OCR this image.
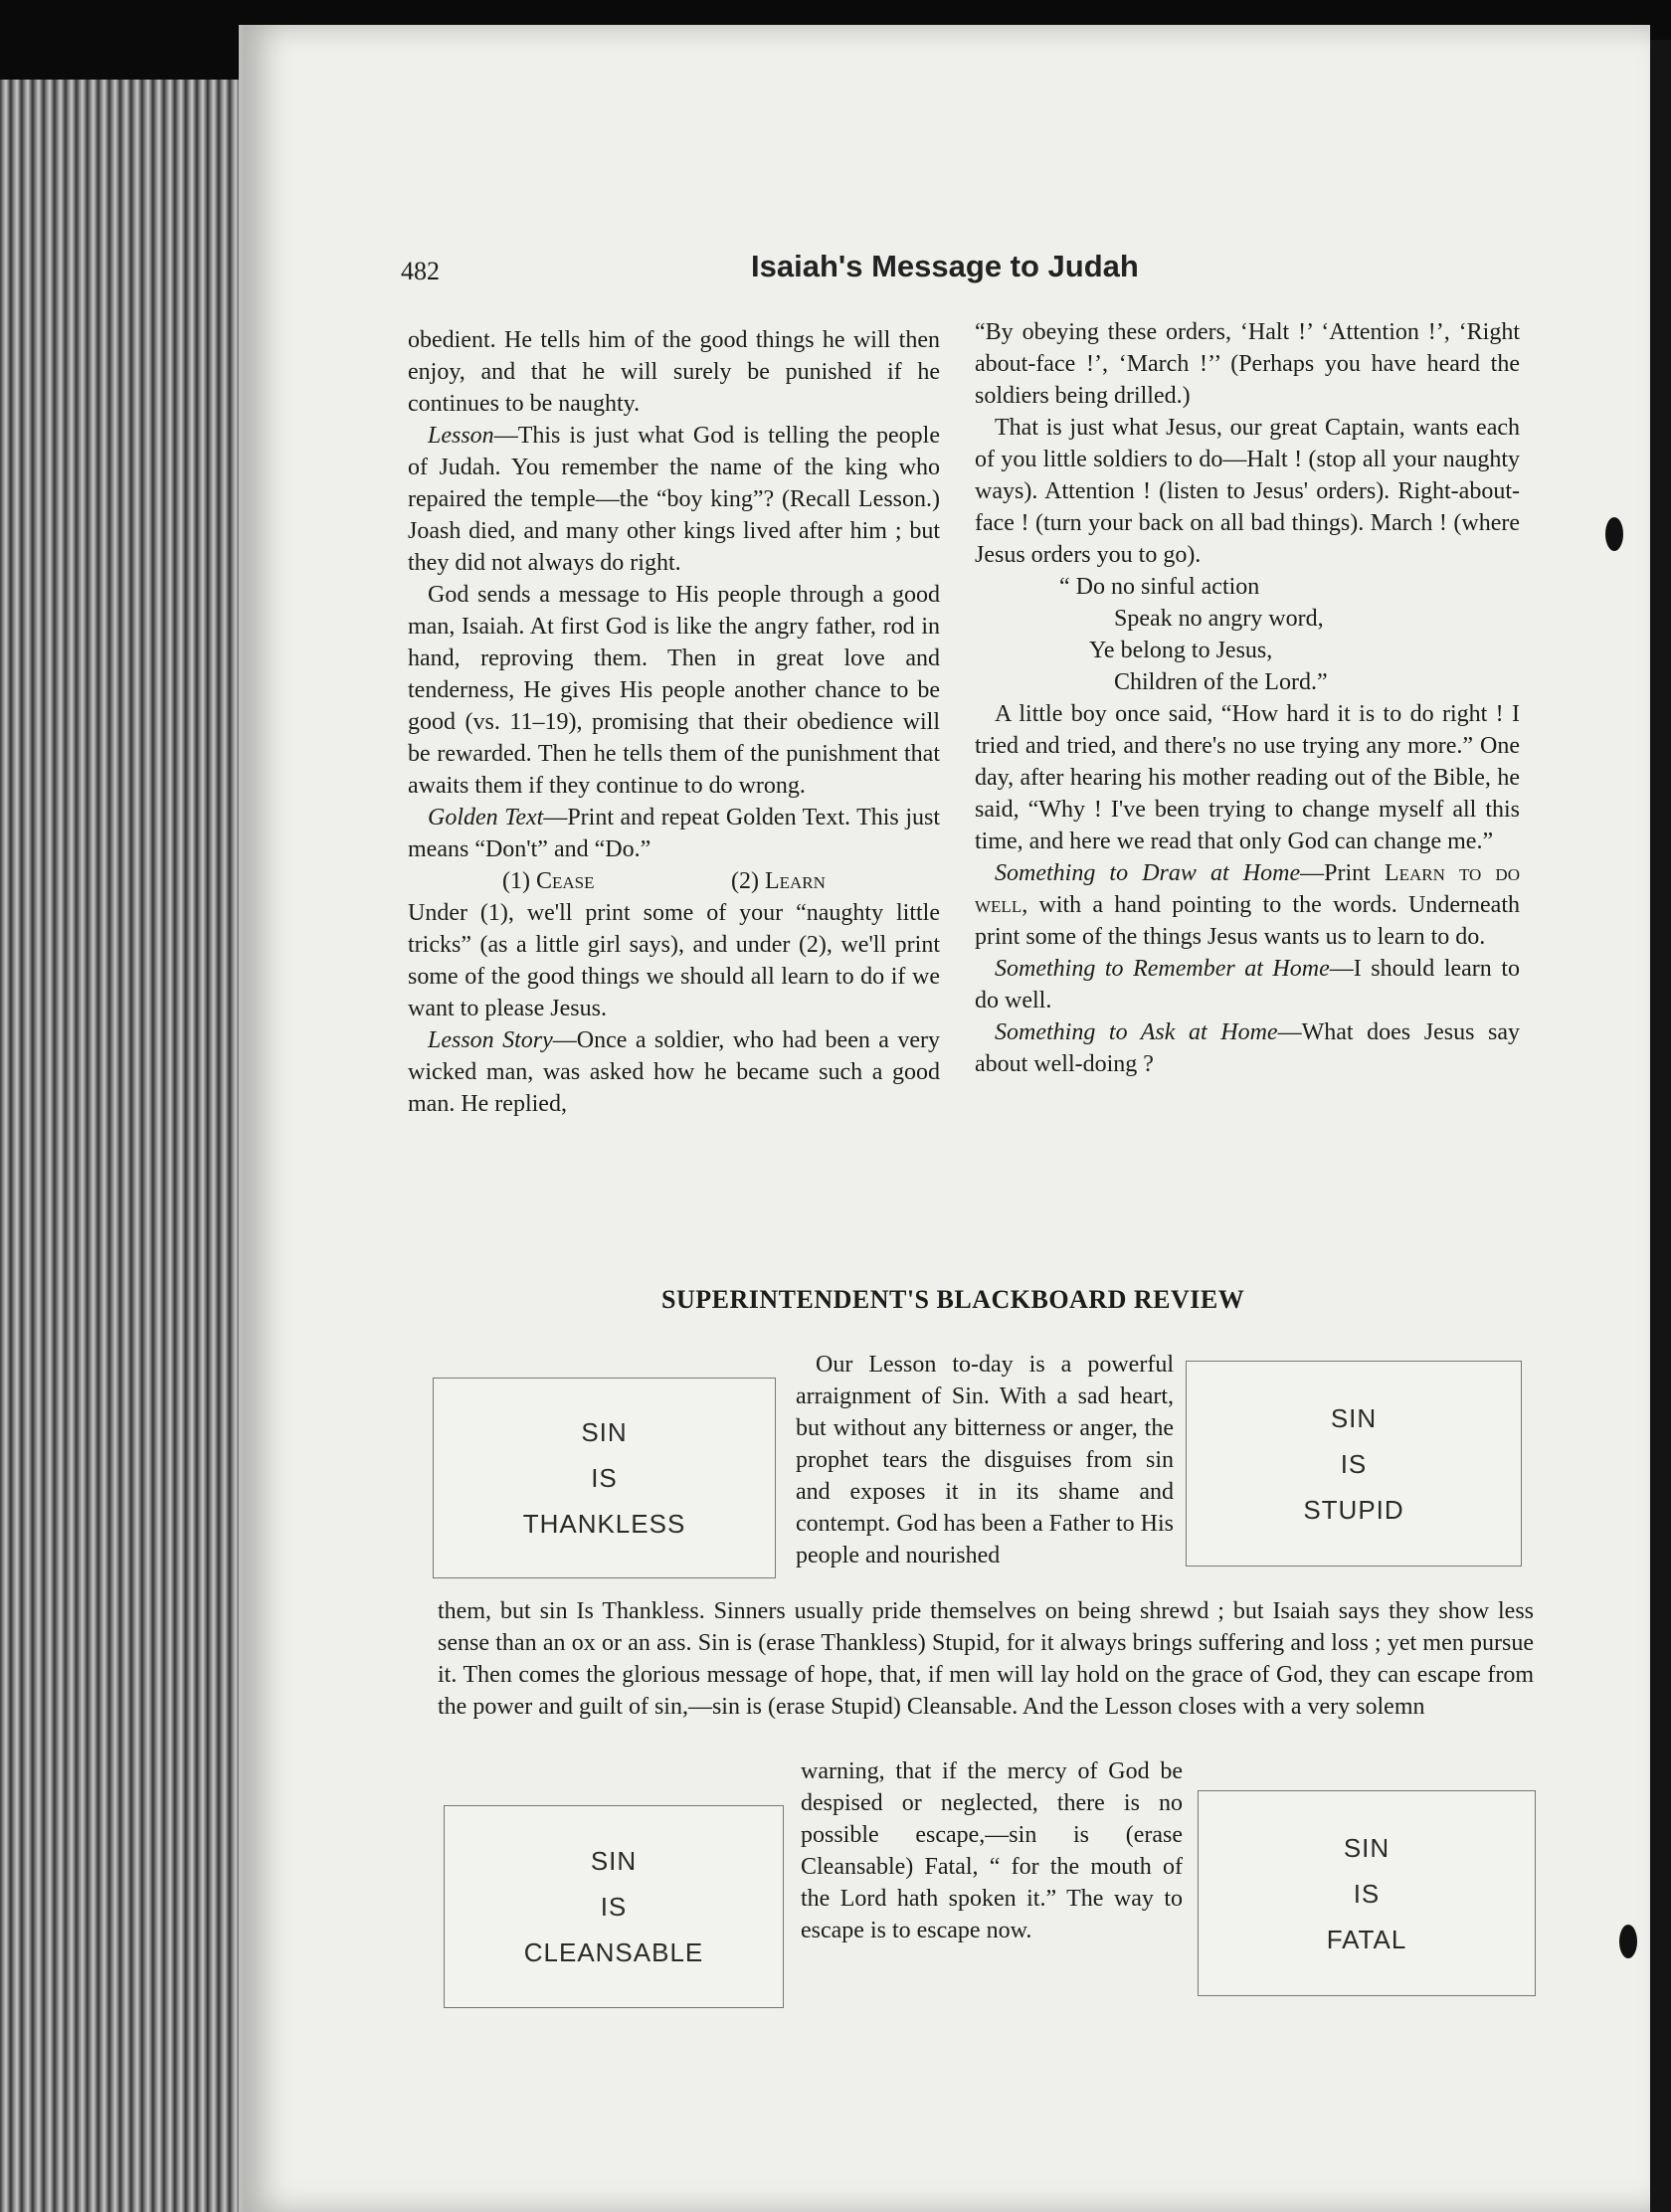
482	Isaiah's Message to Judah

obedient. He tells him of the good things he will then enjoy, and that he will surely be punished if he continues to be naughty.

Lesson—This is just what God is telling the people of Judah. You remember the name of the king who repaired the temple—the “boy king”? (Recall Lesson.) Joash died, and many other kings lived after him ; but they did not always do right.

God sends a message to His people through a good man, Isaiah. At first God is like the angry father, rod in hand, reproving them. Then in great love and tenderness, He gives His people another chance to be good (vs. 11–19), promising that their obedience will be rewarded. Then he tells them of the punishment that awaits them if they continue to do wrong.

Golden Text—Print and repeat Golden Text. This just means “Don't” and “Do.”

(1) Cease	(2) Learn

Under (1), we'll print some of your “naughty little tricks” (as a little girl says), and under (2), we'll print some of the good things we should all learn to do if we want to please Jesus.

Lesson Story—Once a soldier, who had been a very wicked man, was asked how he became such a good man. He replied,

“By obeying these orders, ‘Halt !’ ‘Attention !’, ‘Right about-face !’, ‘March !’’ (Perhaps you have heard the soldiers being drilled.)

That is just what Jesus, our great Captain, wants each of you little soldiers to do—Halt ! (stop all your naughty ways). Attention ! (listen to Jesus' orders). Right-about-face ! (turn your back on all bad things). March ! (where Jesus orders you to go).

“ Do no sinful action
Speak no angry word,
Ye belong to Jesus,
Children of the Lord.”

A little boy once said, “How hard it is to do right ! I tried and tried, and there's no use trying any more.” One day, after hearing his mother reading out of the Bible, he said, “Why ! I've been trying to change myself all this time, and here we read that only God can change me.”

Something to Draw at Home—Print Learn to do well, with a hand pointing to the words. Underneath print some of the things Jesus wants us to learn to do.

Something to Remember at Home—I should learn to do well.

Something to Ask at Home—What does Jesus say about well-doing ?

SUPERINTENDENT'S BLACKBOARD REVIEW
SIN
IS
THANKLESS
SIN
IS
STUPID

Our Lesson to-day is a powerful arraignment of Sin. With a sad heart, but without any bitterness or anger, the prophet tears the disguises from sin and exposes it in its shame and contempt. God has been a Father to His people and nourished

them, but sin Is Thankless. Sinners usually pride themselves on being shrewd ; but Isaiah says they show less sense than an ox or an ass. Sin is (erase Thankless) Stupid, for it always brings suffering and loss ; yet men pursue it. Then comes the glorious message of hope, that, if men will lay hold on the grace of God, they can escape from the power and guilt of sin,—sin is (erase Stupid) Cleansable. And the Lesson closes with a very solemn

SIN
IS
CLEANSABLE
SIN
IS
FATAL

warning, that if the mercy of God be despised or neglected, there is no possible escape,—sin is (erase Cleansable) Fatal, “ for the mouth of the Lord hath spoken it.” The way to escape is to escape now.
